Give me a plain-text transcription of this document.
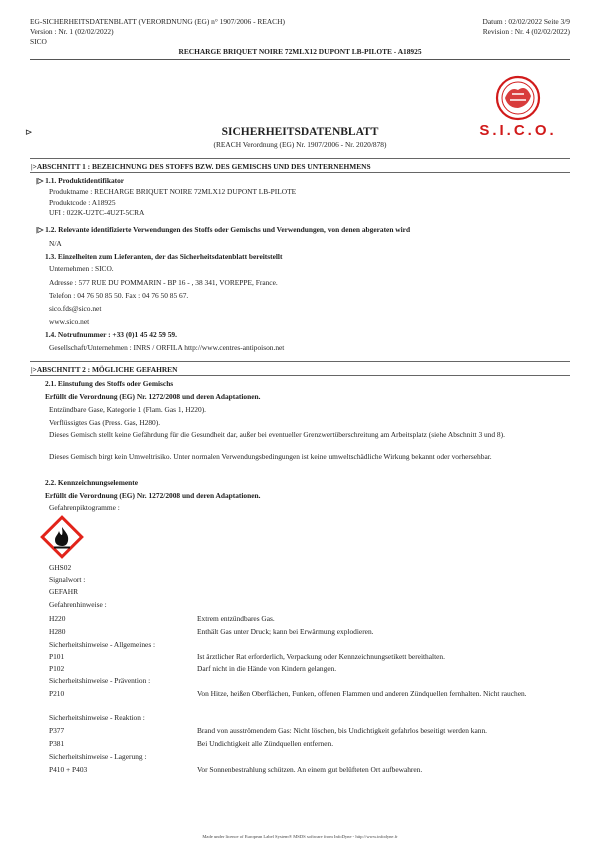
EG-SICHERHEITSDATENBLATT (VERORDNUNG (EG) n° 1907/2006 - REACH)
Version : Nr. 1 (02/02/2022)
SICO
Datum : 02/02/2022 Seite 3/9
Revision : Nr. 4 (02/02/2022)
RECHARGE BRIQUET NOIRE 72MLX12 DUPONT LB-PILOTE - A18925
S.I.C.O.
⊳	SICHERHEITSDATENBLATT
(REACH Verordnung (EG) Nr. 1907/2006 - Nr. 2020/878)
|>ABSCHNITT 1 : BEZEICHNUNG DES STOFFS BZW. DES GEMISCHS UND DES UNTERNEHMENS
|▷ 1.1. Produktidentifikator
Produktname : RECHARGE BRIQUET NOIRE 72MLX12 DUPONT LB-PILOTE
Produktcode : A18925
UFI : 022K-U2TC-4U2T-5CRA
|▷ 1.2. Relevante identifizierte Verwendungen des Stoffs oder Gemischs und Verwendungen, von denen abgeraten wird
N/A
1.3. Einzelheiten zum Lieferanten, der das Sicherheitsdatenblatt bereitstellt
Unternehmen : SICO.
Adresse : 577 RUE DU POMMARIN - BP 16 - , 38 341, VOREPPE, France.
Telefon : 04 76 50 85 50. Fax : 04 76 50 85 67.
sico.fds@sico.net
www.sico.net
1.4. Notrufnummer : +33 (0)1 45 42 59 59.
Gesellschaft/Unternehmen : INRS / ORFILA http://www.centres-antipoison.net
|>ABSCHNITT 2 : MÖGLICHE GEFAHREN
2.1. Einstufung des Stoffs oder Gemischs
Erfüllt die Verordnung (EG) Nr. 1272/2008 und deren Adaptationen.
Entzündbare Gase, Kategorie 1 (Flam. Gas 1, H220).
Verflüssigtes Gas (Press. Gas, H280).
Dieses Gemisch stellt keine Gefährdung für die Gesundheit dar, außer bei eventueller Grenzwertüberschreitung am Arbeitsplatz (siehe Abschnitt 3 und 8).
Dieses Gemisch birgt kein Umweltrisiko. Unter normalen Verwendungsbedingungen ist keine umweltschädliche Wirkung bekannt oder vorhersehbar.
2.2. Kennzeichnungselemente
Erfüllt die Verordnung (EG) Nr. 1272/2008 und deren Adaptationen.
Gefahrenpiktogramme :
GHS02
Signalwort :
GEFAHR
Gefahrenhinweise :
H220	Extrem entzündbares Gas.
H280	Enthält Gas unter Druck; kann bei Erwärmung explodieren.
Sicherheitshinweise - Allgemeines :
P101	Ist ärztlicher Rat erforderlich, Verpackung oder Kennzeichnungsetikett bereithalten.
P102	Darf nicht in die Hände von Kindern gelangen.
Sicherheitshinweise - Prävention :
P210	Von Hitze, heißen Oberflächen, Funken, offenen Flammen und anderen Zündquellen fernhalten. Nicht rauchen.
Sicherheitshinweise - Reaktion :
P377	Brand von ausströmendem Gas: Nicht löschen, bis Undichtigkeit gefahrlos beseitigt werden kann.
P381	Bei Undichtigkeit alle Zündquellen entfernen.
Sicherheitshinweise - Lagerung :
P410 + P403	Vor Sonnenbestrahlung schützen. An einem gut belüfteten Ort aufbewahren.
Made under licence of European Label System® MSDS software from InfoDyne - http://www.infodyne.fr
